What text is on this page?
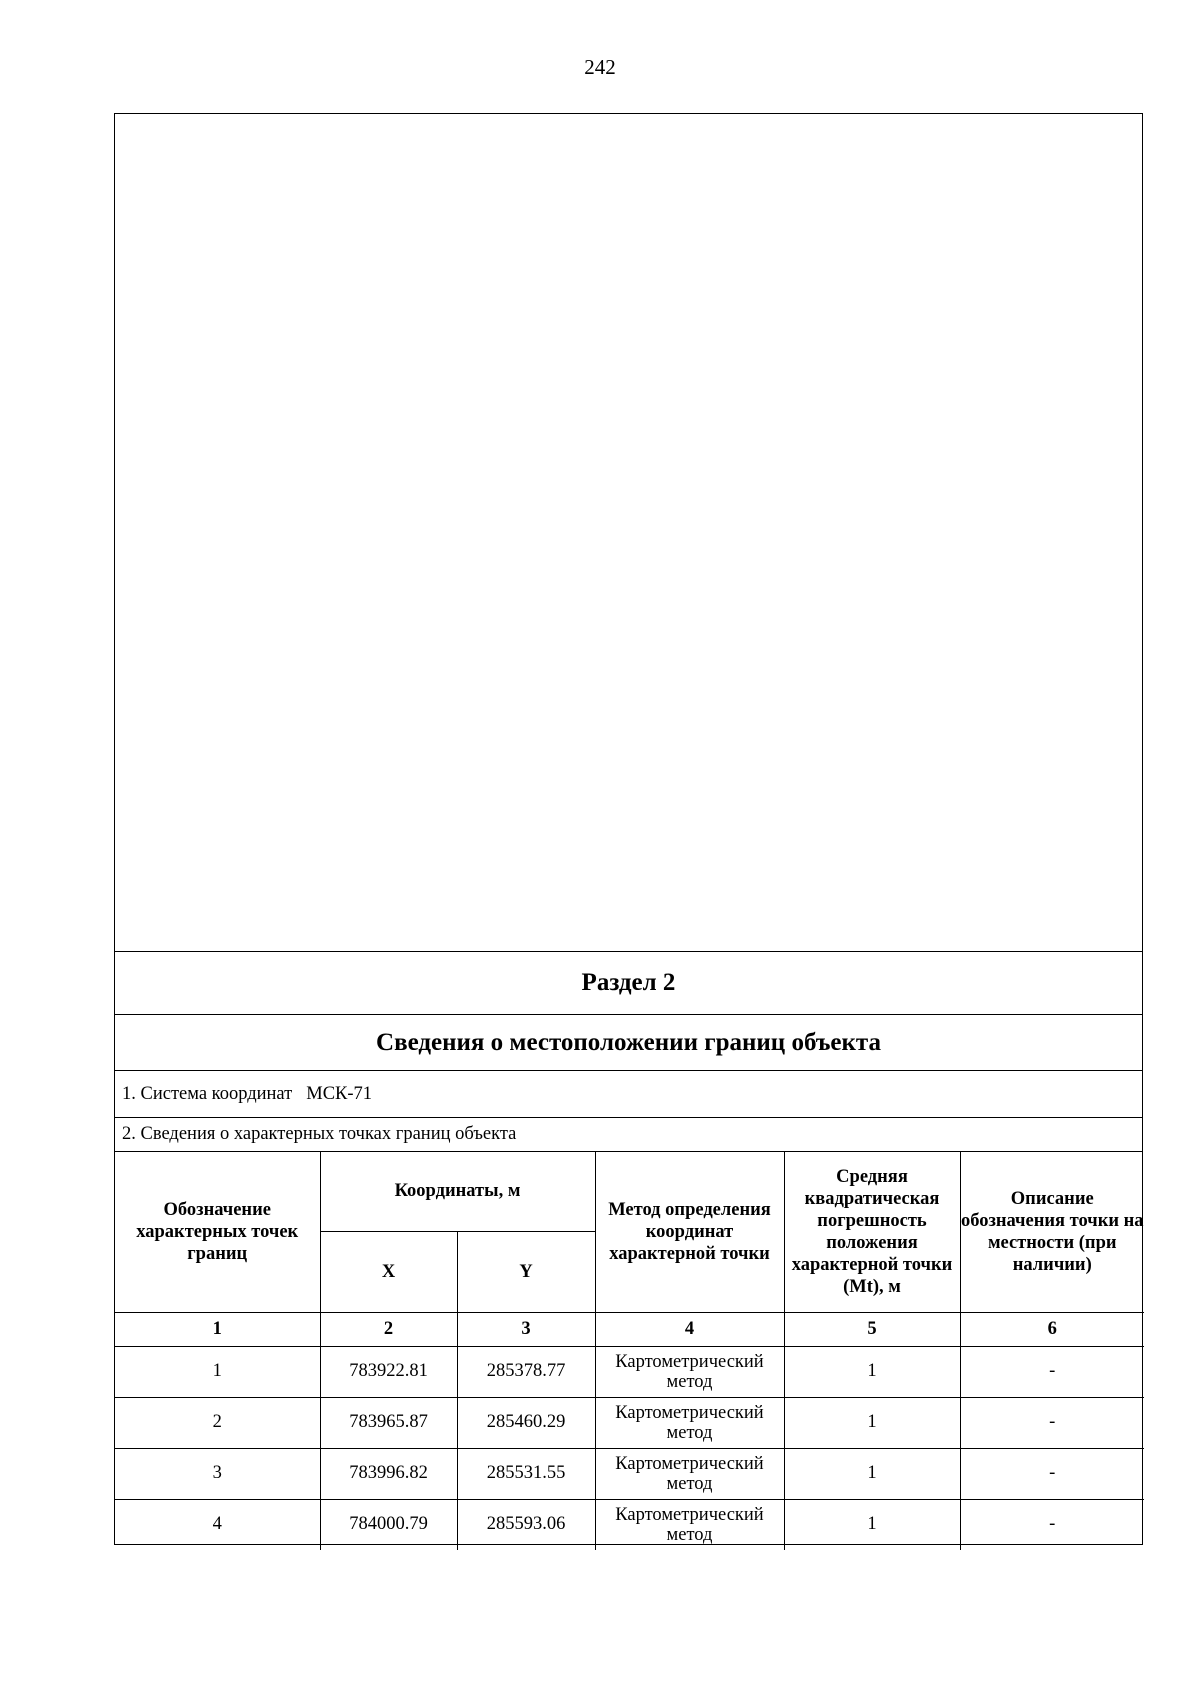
242
Раздел 2
Сведения о местоположении границ объекта
1. Система координат МСК-71
2. Сведения о характерных точках границ объекта
Обозначение характерных точек границ	Координаты, м		Метод определения координат характерной точки	Средняя квадратическая погрешность положения характерной точки (Mt), м	Описание обозначения точки на местности (при наличии)
	X	Y			
1	2	3	4	5	6
1	783922.81	285378.77	Картометрический метод	1	-
2	783965.87	285460.29	Картометрический метод	1	-
3	783996.82	285531.55	Картометрический метод	1	-
4	784000.79	285593.06	Картометрический метод	1	-
